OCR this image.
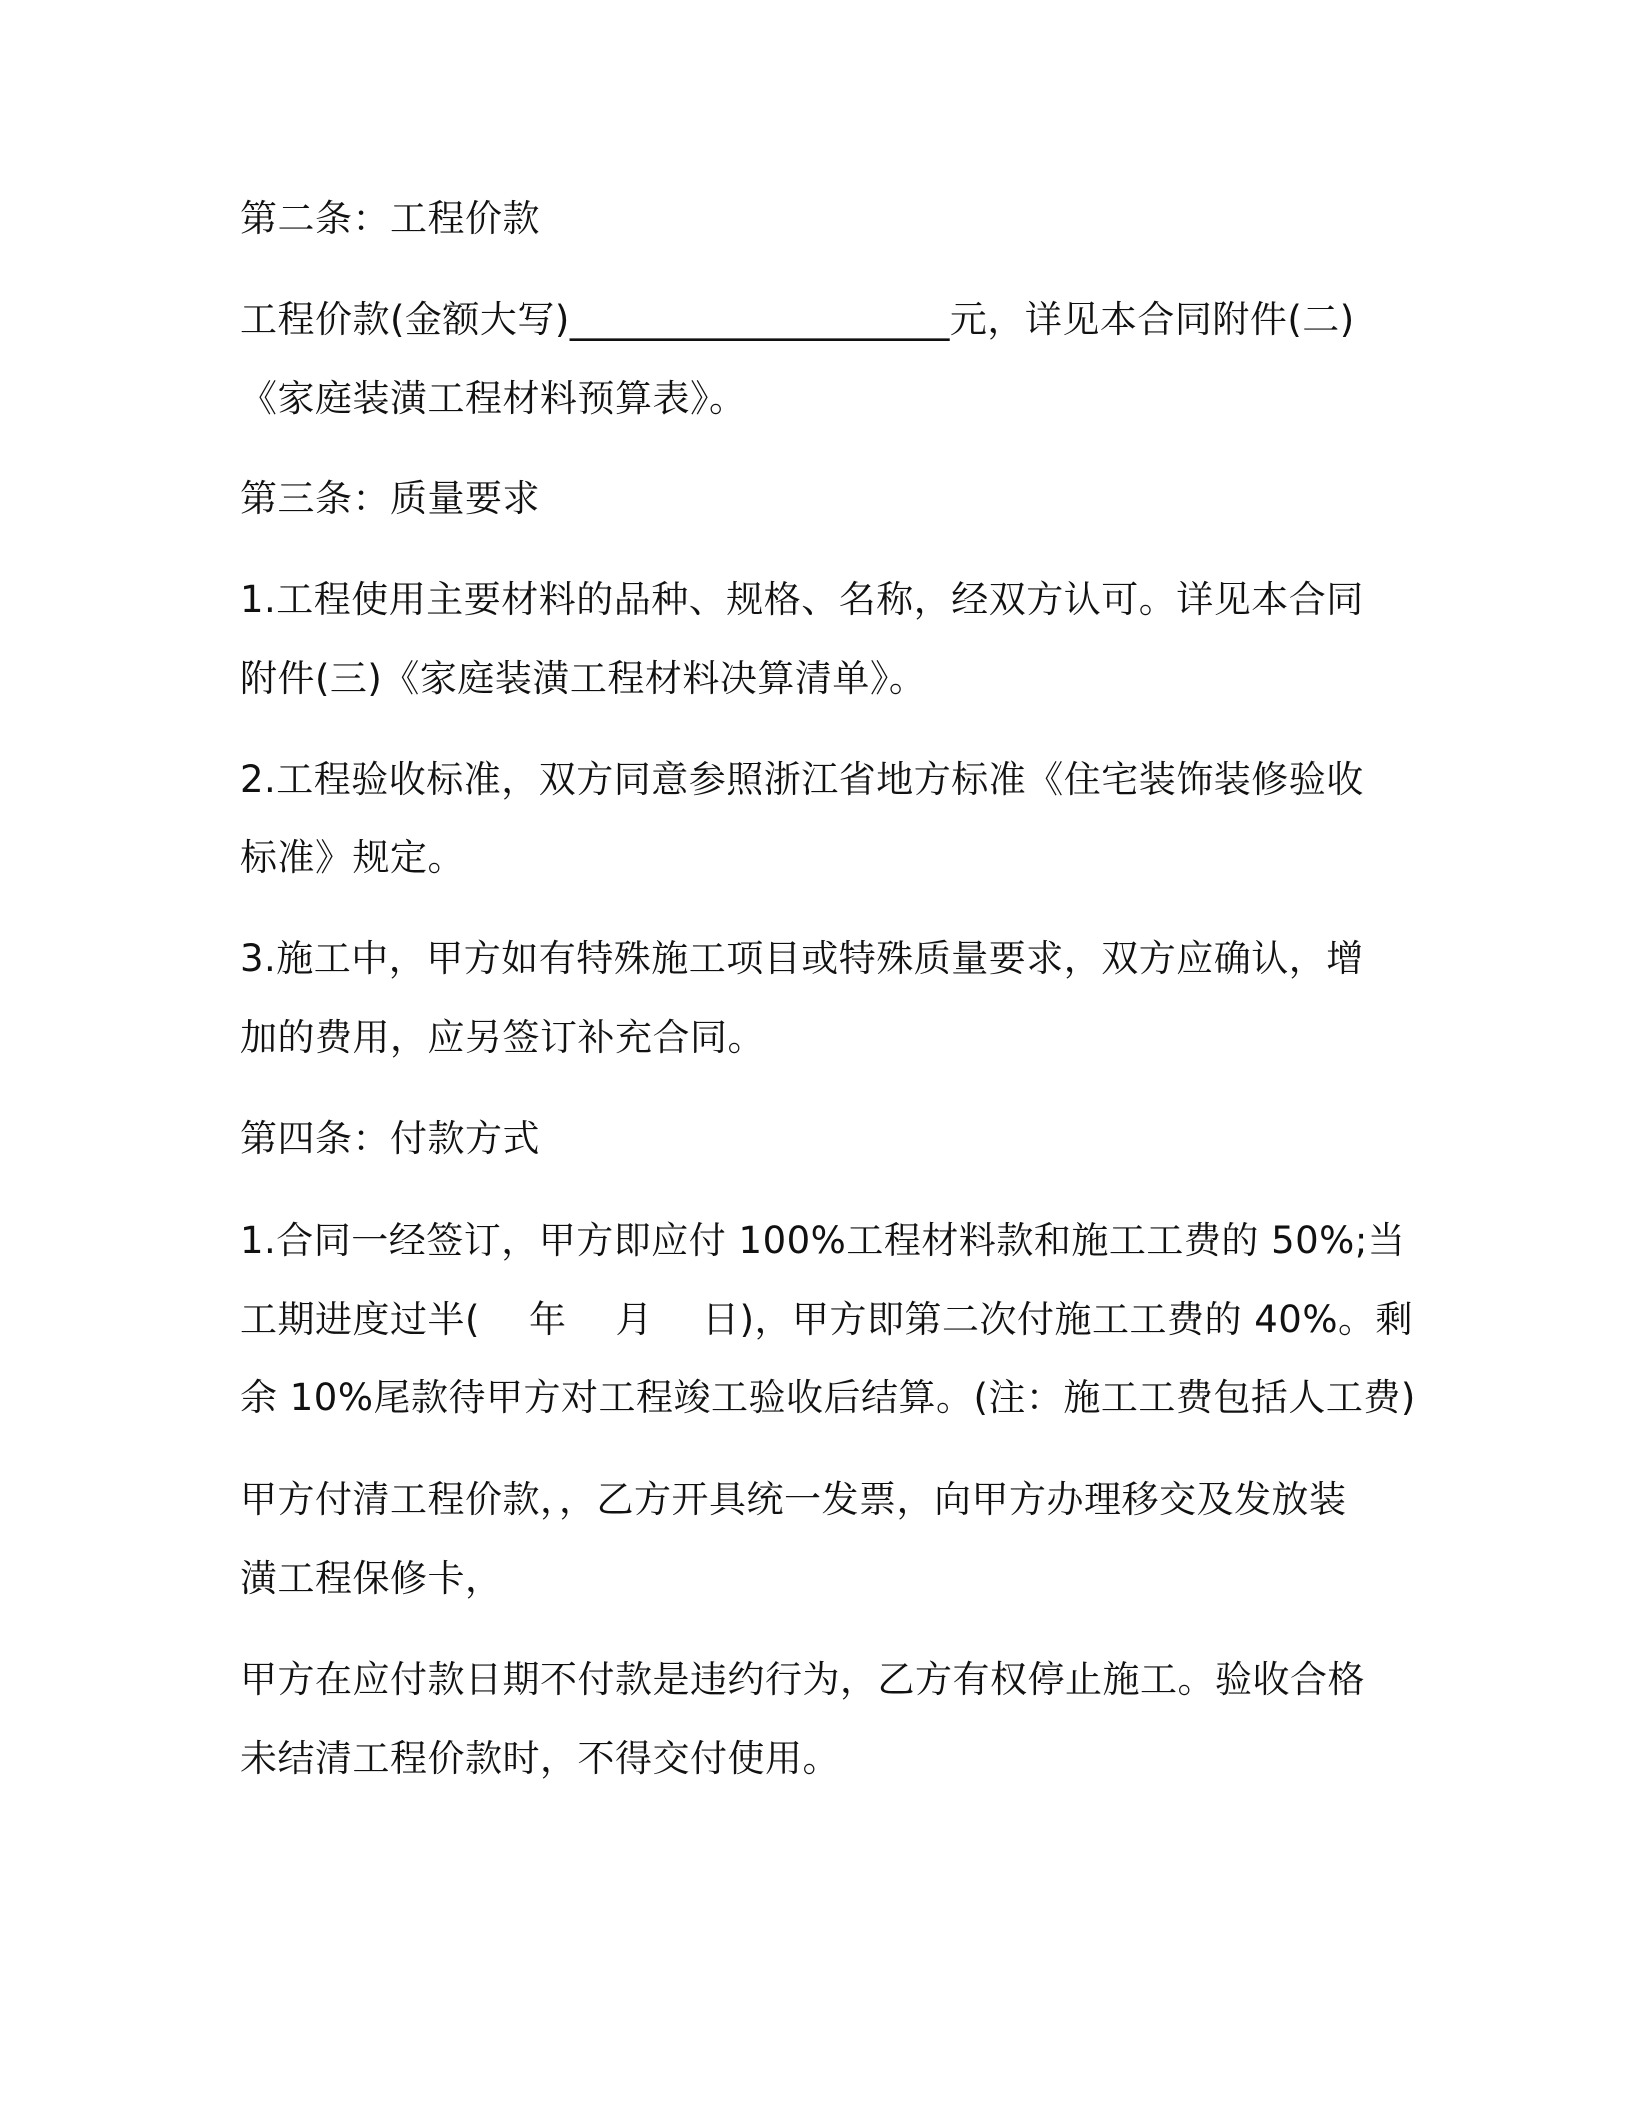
第二条：工程价款
工程价款(金额大写)____________________元，详见本合同附件(二)
《家庭装潢工程材料预算表》。
第三条：质量要求
1.工程使用主要材料的品种、规格、名称，经双方认可。详见本合同
附件(三)《家庭装潢工程材料决算清单》。
2.工程验收标准，双方同意参照浙江省地方标准《住宅装饰装修验收
标准》规定。
3.施工中，甲方如有特殊施工项目或特殊质量要求，双方应确认，增
加的费用，应另签订补充合同。
第四条：付款方式
1.合同一经签订，甲方即应付 100%工程材料款和施工工费的 50%;当
工期进度过半(    年    月    日)，甲方即第二次付施工工费的 40%。剩
余 10%尾款待甲方对工程竣工验收后结算。(注：施工工费包括人工费)
甲方付清工程价款，，乙方开具统一发票，向甲方办理移交及发放装
潢工程保修卡，
甲方在应付款日期不付款是违约行为，乙方有权停止施工。验收合格
未结清工程价款时，不得交付使用。
